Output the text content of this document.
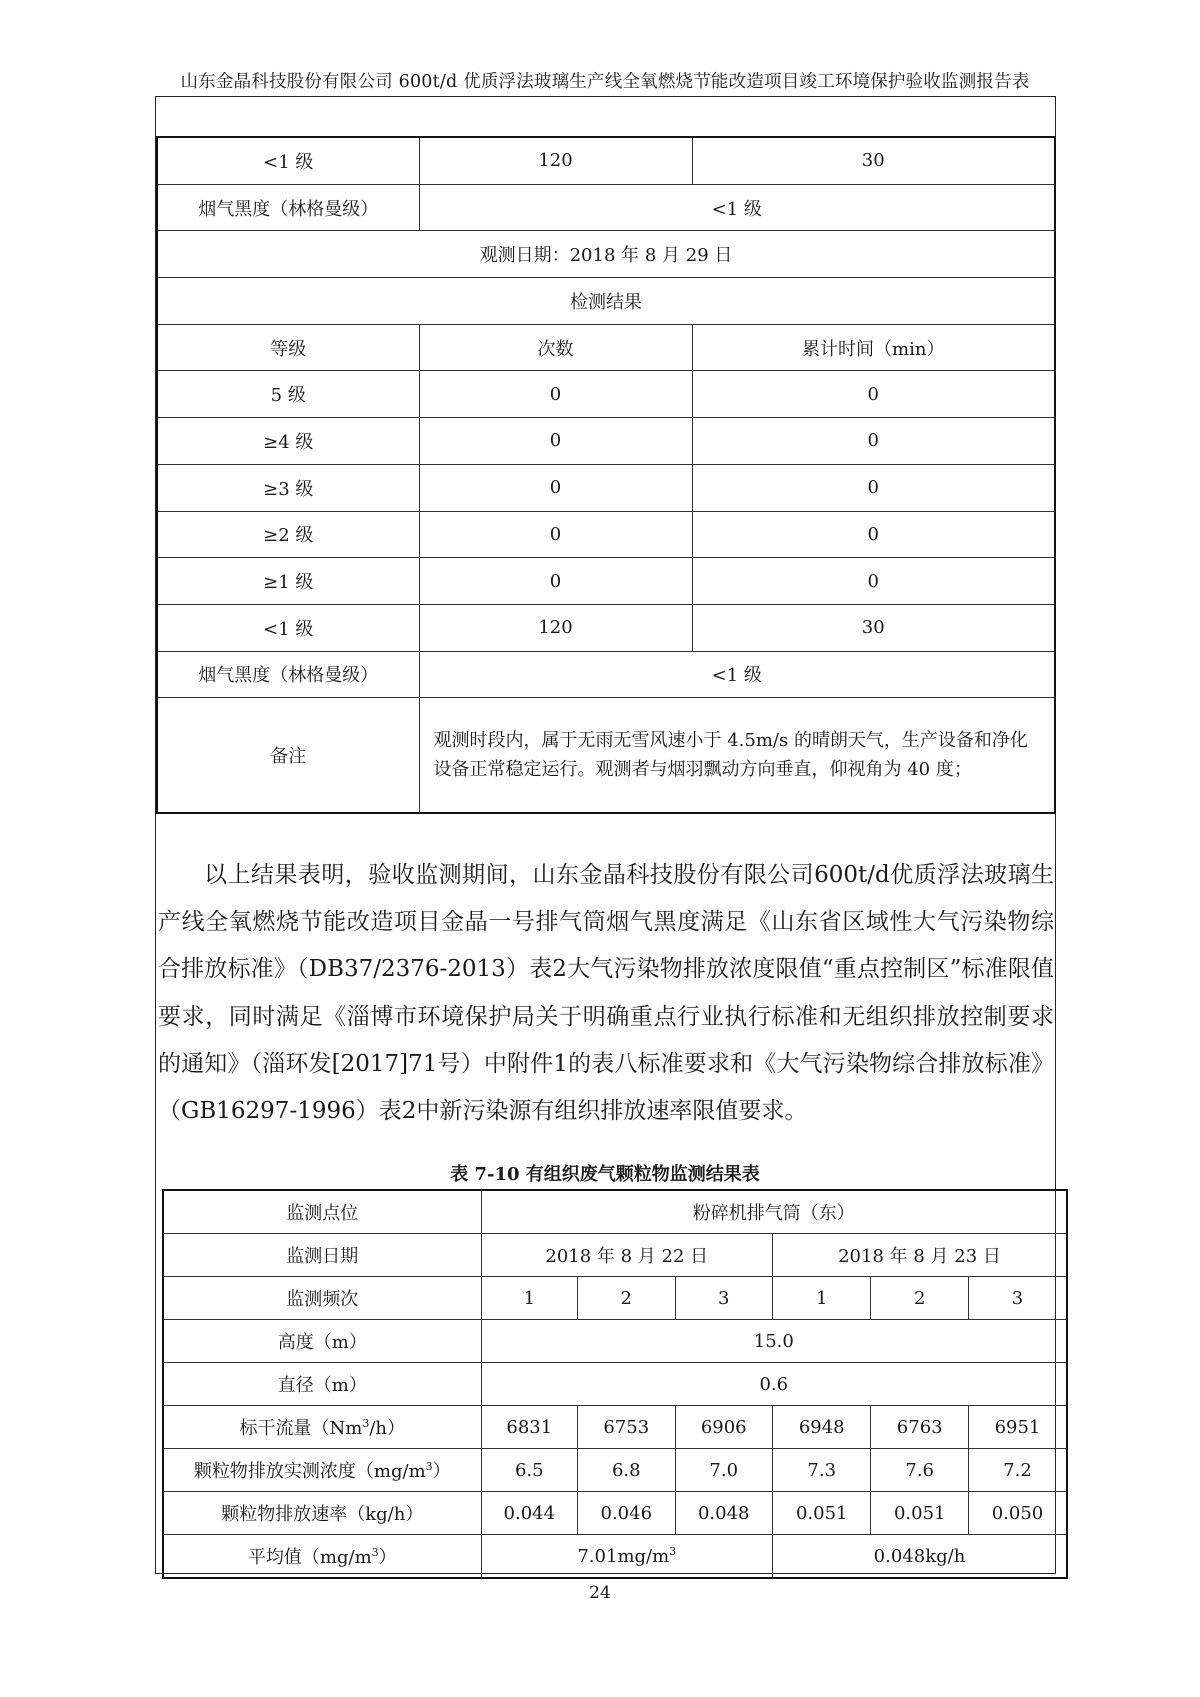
山东金晶科技股份有限公司 600t/d 优质浮法玻璃生产线全氧燃烧节能改造项目竣工环境保护验收监测报告表
<1 级	120	30
烟气黑度（林格曼级）	<1 级	
观测日期：2018 年 8 月 29 日		
检测结果		
等级	次数	累计时间（min）
5 级	0	0
≥4 级	0	0
≥3 级	0	0
≥2 级	0	0
≥1 级	0	0
<1 级	120	30
烟气黑度（林格曼级）	<1 级	
备注	观测时段内，属于无雨无雪风速小于 4.5m/s 的晴朗天气，生产设备和净化设备正常稳定运行。观测者与烟羽飘动方向垂直，仰视角为 40 度；	
以上结果表明，验收监测期间，山东金晶科技股份有限公司600t/d优质浮法玻璃生产线全氧燃烧节能改造项目金晶一号排气筒烟气黑度满足《山东省区域性大气污染物综合排放标准》（DB37/2376-2013）表2大气污染物排放浓度限值“重点控制区”标准限值要求，同时满足《淄博市环境保护局关于明确重点行业执行标准和无组织排放控制要求的通知》（淄环发[2017]71号）中附件1的表八标准要求和《大气污染物综合排放标准》（GB16297-1996）表2中新污染源有组织排放速率限值要求。
表 7-10 有组织废气颗粒物监测结果表
监测点位	粉碎机排气筒（东）					
监测日期	2018 年 8 月 22 日			2018 年 8 月 23 日		
监测频次	1	2	3	1	2	3
高度（m）	15.0					
直径（m）	0.6					
标干流量（Nm$^3$/h）	6831	6753	6906	6948	6763	6951
颗粒物排放实测浓度$(mg/m^3)$	6.5	6.8	7.0	7.3	7.6	7.2
颗粒物排放速率（kg/h）	0.044	0.046	0.048	0.051	0.051	0.050
平均值$(mg/m^3)$	$7.01mg/m^3$			0.048kg/h		
24
